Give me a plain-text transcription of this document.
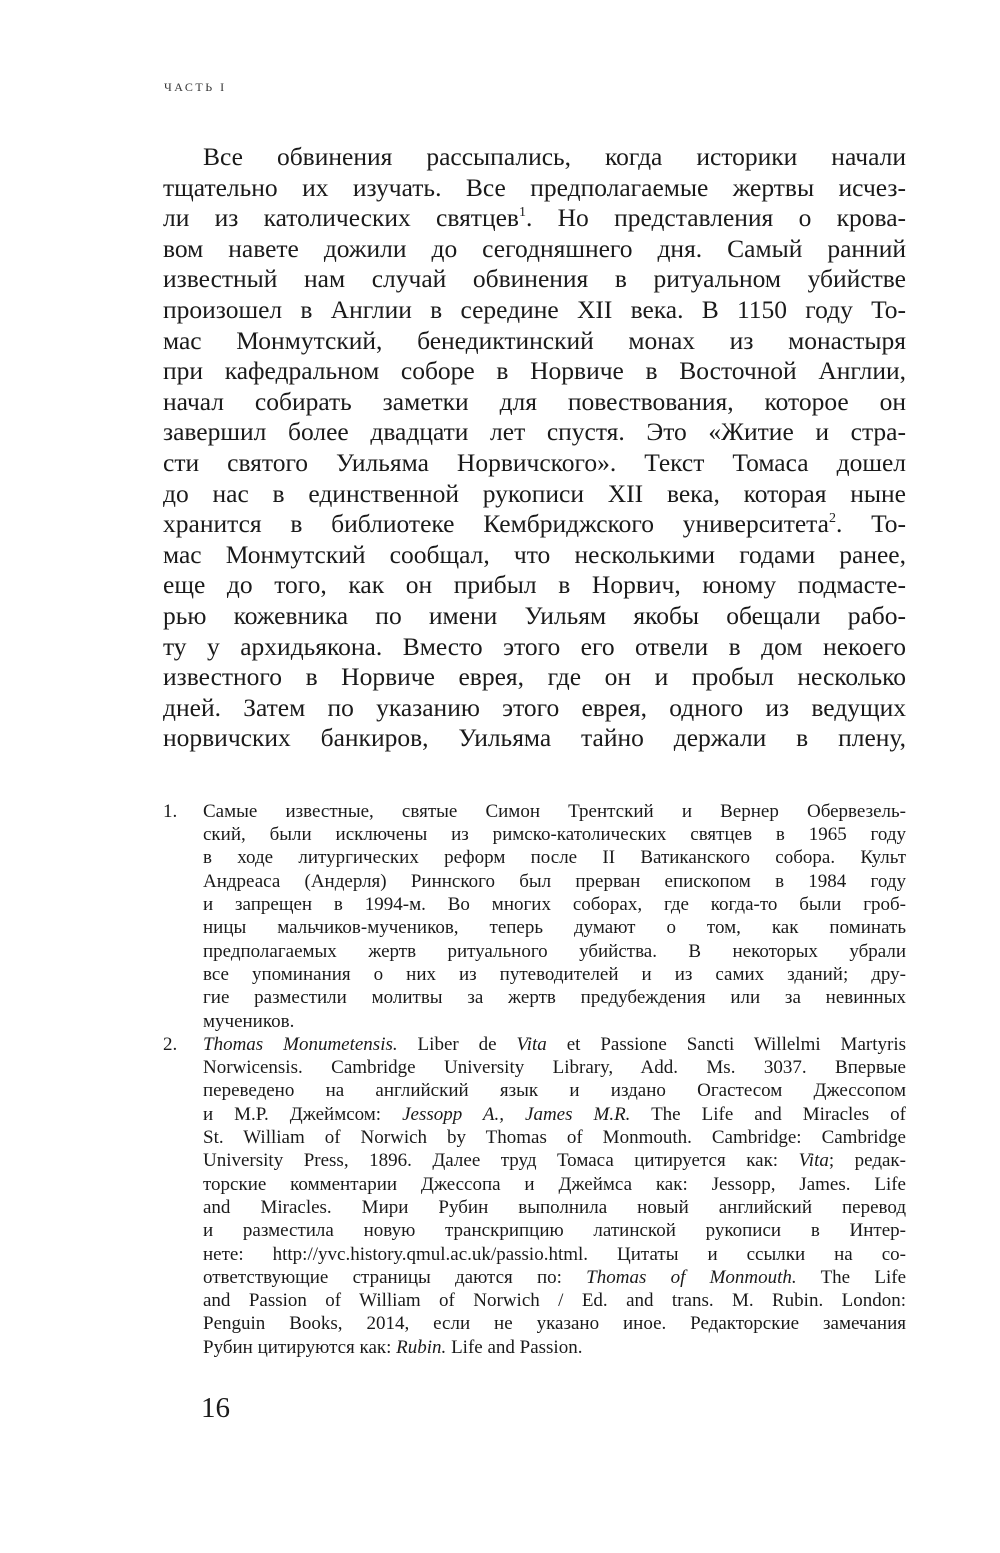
ЧАСТЬ I
Все обвинения рассыпались, когда историки начали
тщательно их изучать. Все предполагаемые жертвы исчез-
ли из католических святцев$^1$. Но представления о крова-
вом навете дожили до сегодняшнего дня. Самый ранний
известный нам случай обвинения в ритуальном убийстве
произошел в Англии в середине XII века. В 1150 году То-
мас Монмутский, бенедиктинский монах из монастыря
при кафедральном соборе в Норвиче в Восточной Англии,
начал собирать заметки для повествования, которое он
завершил более двадцати лет спустя. Это «Житие и стра-
сти святого Уильяма Норвичского». Текст Томаса дошел
до нас в единственной рукописи XII века, которая ныне
хранится в библиотеке Кембриджского университета$^2$. То-
мас Монмутский сообщал, что несколькими годами ранее,
еще до того, как он прибыл в Норвич, юному подмасте-
рью кожевника по имени Уильям якобы обещали рабо-
ту у архидьякона. Вместо этого его отвели в дом некоего
известного в Норвиче еврея, где он и пробыл несколько
дней. Затем по указанию этого еврея, одного из ведущих
норвичских банкиров, Уильяма тайно держали в плену,
1. Самые известные, святые Симон Трентский и Вернер Обервезель-
ский, были исключены из римско-католических святцев в 1965 году
в ходе литургических реформ после II Ватиканского собора. Культ
Андреаса (Андерля) Риннского был прерван епископом в 1984 году
и запрещен в 1994-м. Во многих соборах, где когда-то были гроб-
ницы мальчиков-мучеников, теперь думают о том, как поминать
предполагаемых жертв ритуального убийства. В некоторых убрали
все упоминания о них из путеводителей и из самих зданий; дру-
гие разместили молитвы за жертв предубеждения или за невинных
мучеников.
2. Thomas Monumetensis. Liber de Vita et Passione Sancti Willelmi Martyris
Norwicensis. Cambridge University Library, Add. Ms. 3037. Впервые
переведено на английский язык и издано Огастесом Джессопом
и М.Р. Джеймсом: Jessopp A., James M.R. The Life and Miracles of
St. William of Norwich by Thomas of Monmouth. Cambridge: Cambridge
University Press, 1896. Далее труд Томаса цитируется как: Vita; редак-
торские комментарии Джессопа и Джеймса как: Jessopp, James. Life
and Miracles. Мири Рубин выполнила новый английский перевод
и разместила новую транскрипцию латинской рукописи в Интер-
нете: http://yvc.history.qmul.ac.uk/passio.html. Цитаты и ссылки на со-
ответствующие страницы даются по: Thomas of Monmouth. The Life
and Passion of William of Norwich / Ed. and trans. M. Rubin. London:
Penguin Books, 2014, если не указано иное. Редакторские замечания
Рубин цитируются как: Rubin. Life and Passion.
16
